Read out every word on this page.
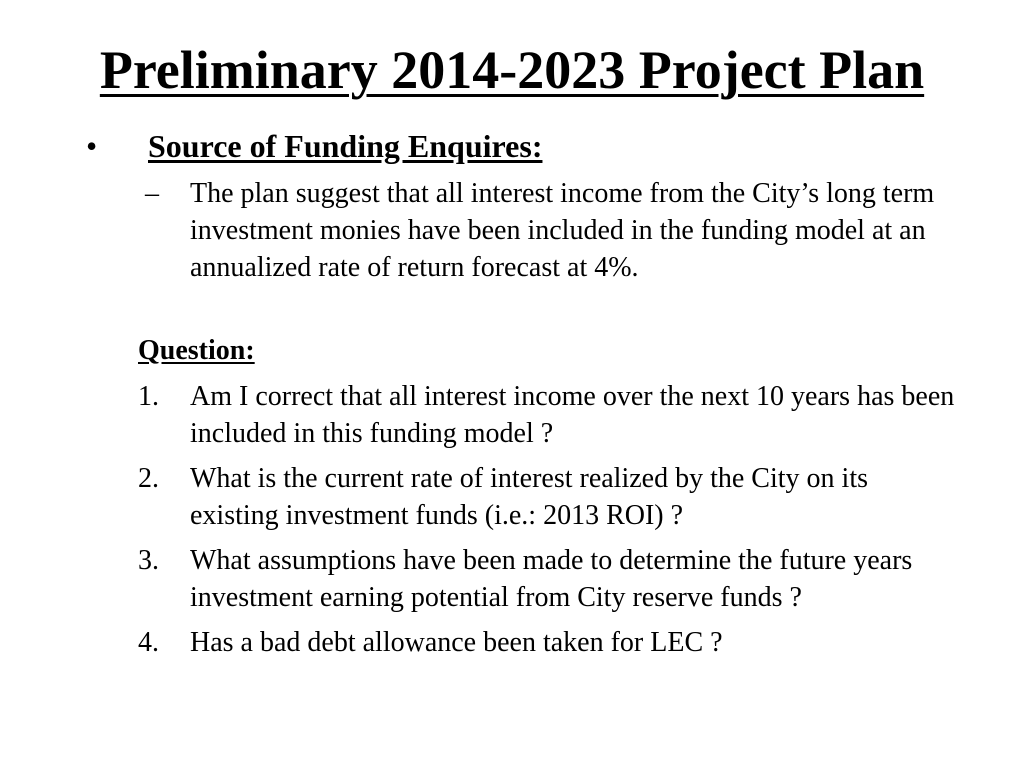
Preliminary 2014-2023 Project Plan
•	Source of Funding Enquires:
–	The plan suggest that all interest income from the City’s long term investment monies have been included in the funding model at an annualized rate of return forecast at 4%.
Question:
1.	Am I correct that all interest income over the next 10 years has been included in this funding model ?
2.	What is the current rate of interest realized by the City on its existing investment funds (i.e.: 2013 ROI) ?
3.	What assumptions have been made to determine the future years investment earning potential from City reserve funds ?
4.	Has a bad debt allowance been taken for LEC ?
